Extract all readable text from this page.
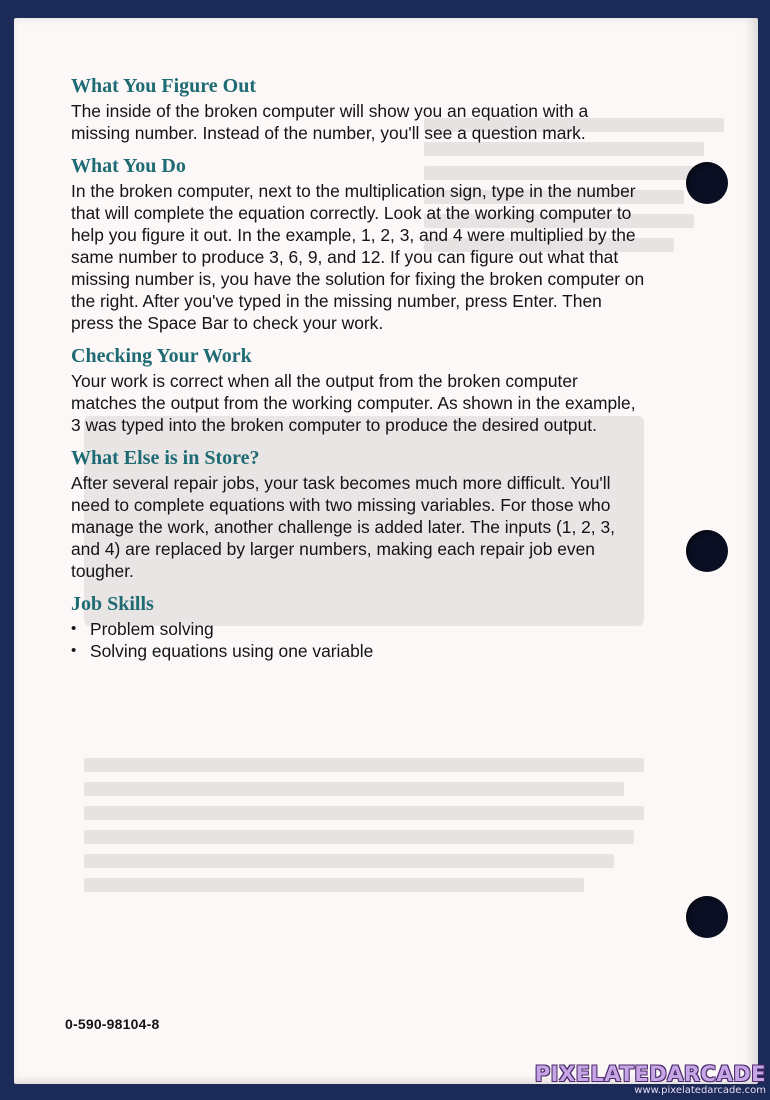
What You Figure Out

The inside of the broken computer will show you an equation with a missing number. Instead of the number, you'll see a question mark.

What You Do

In the broken computer, next to the multiplication sign, type in the number that will complete the equation correctly. Look at the working computer to help you figure it out. In the example, 1, 2, 3, and 4 were multiplied by the same number to produce 3, 6, 9, and 12. If you can figure out what that missing number is, you have the solution for fixing the broken computer on the right. After you've typed in the missing number, press Enter. Then press the Space Bar to check your work.

Checking Your Work

Your work is correct when all the output from the broken computer matches the output from the working computer. As shown in the example, 3 was typed into the broken computer to produce the desired output.

What Else is in Store?

After several repair jobs, your task becomes much more difficult. You'll need to complete equations with two missing variables. For those who manage the work, another challenge is added later. The inputs (1, 2, 3, and 4) are replaced by larger numbers, making each repair job even tougher.

Job Skills
• Problem solving
• Solving equations using one variable
0-590-98104-8
PIXELATEDARCADE
www.pixelatedarcade.com
